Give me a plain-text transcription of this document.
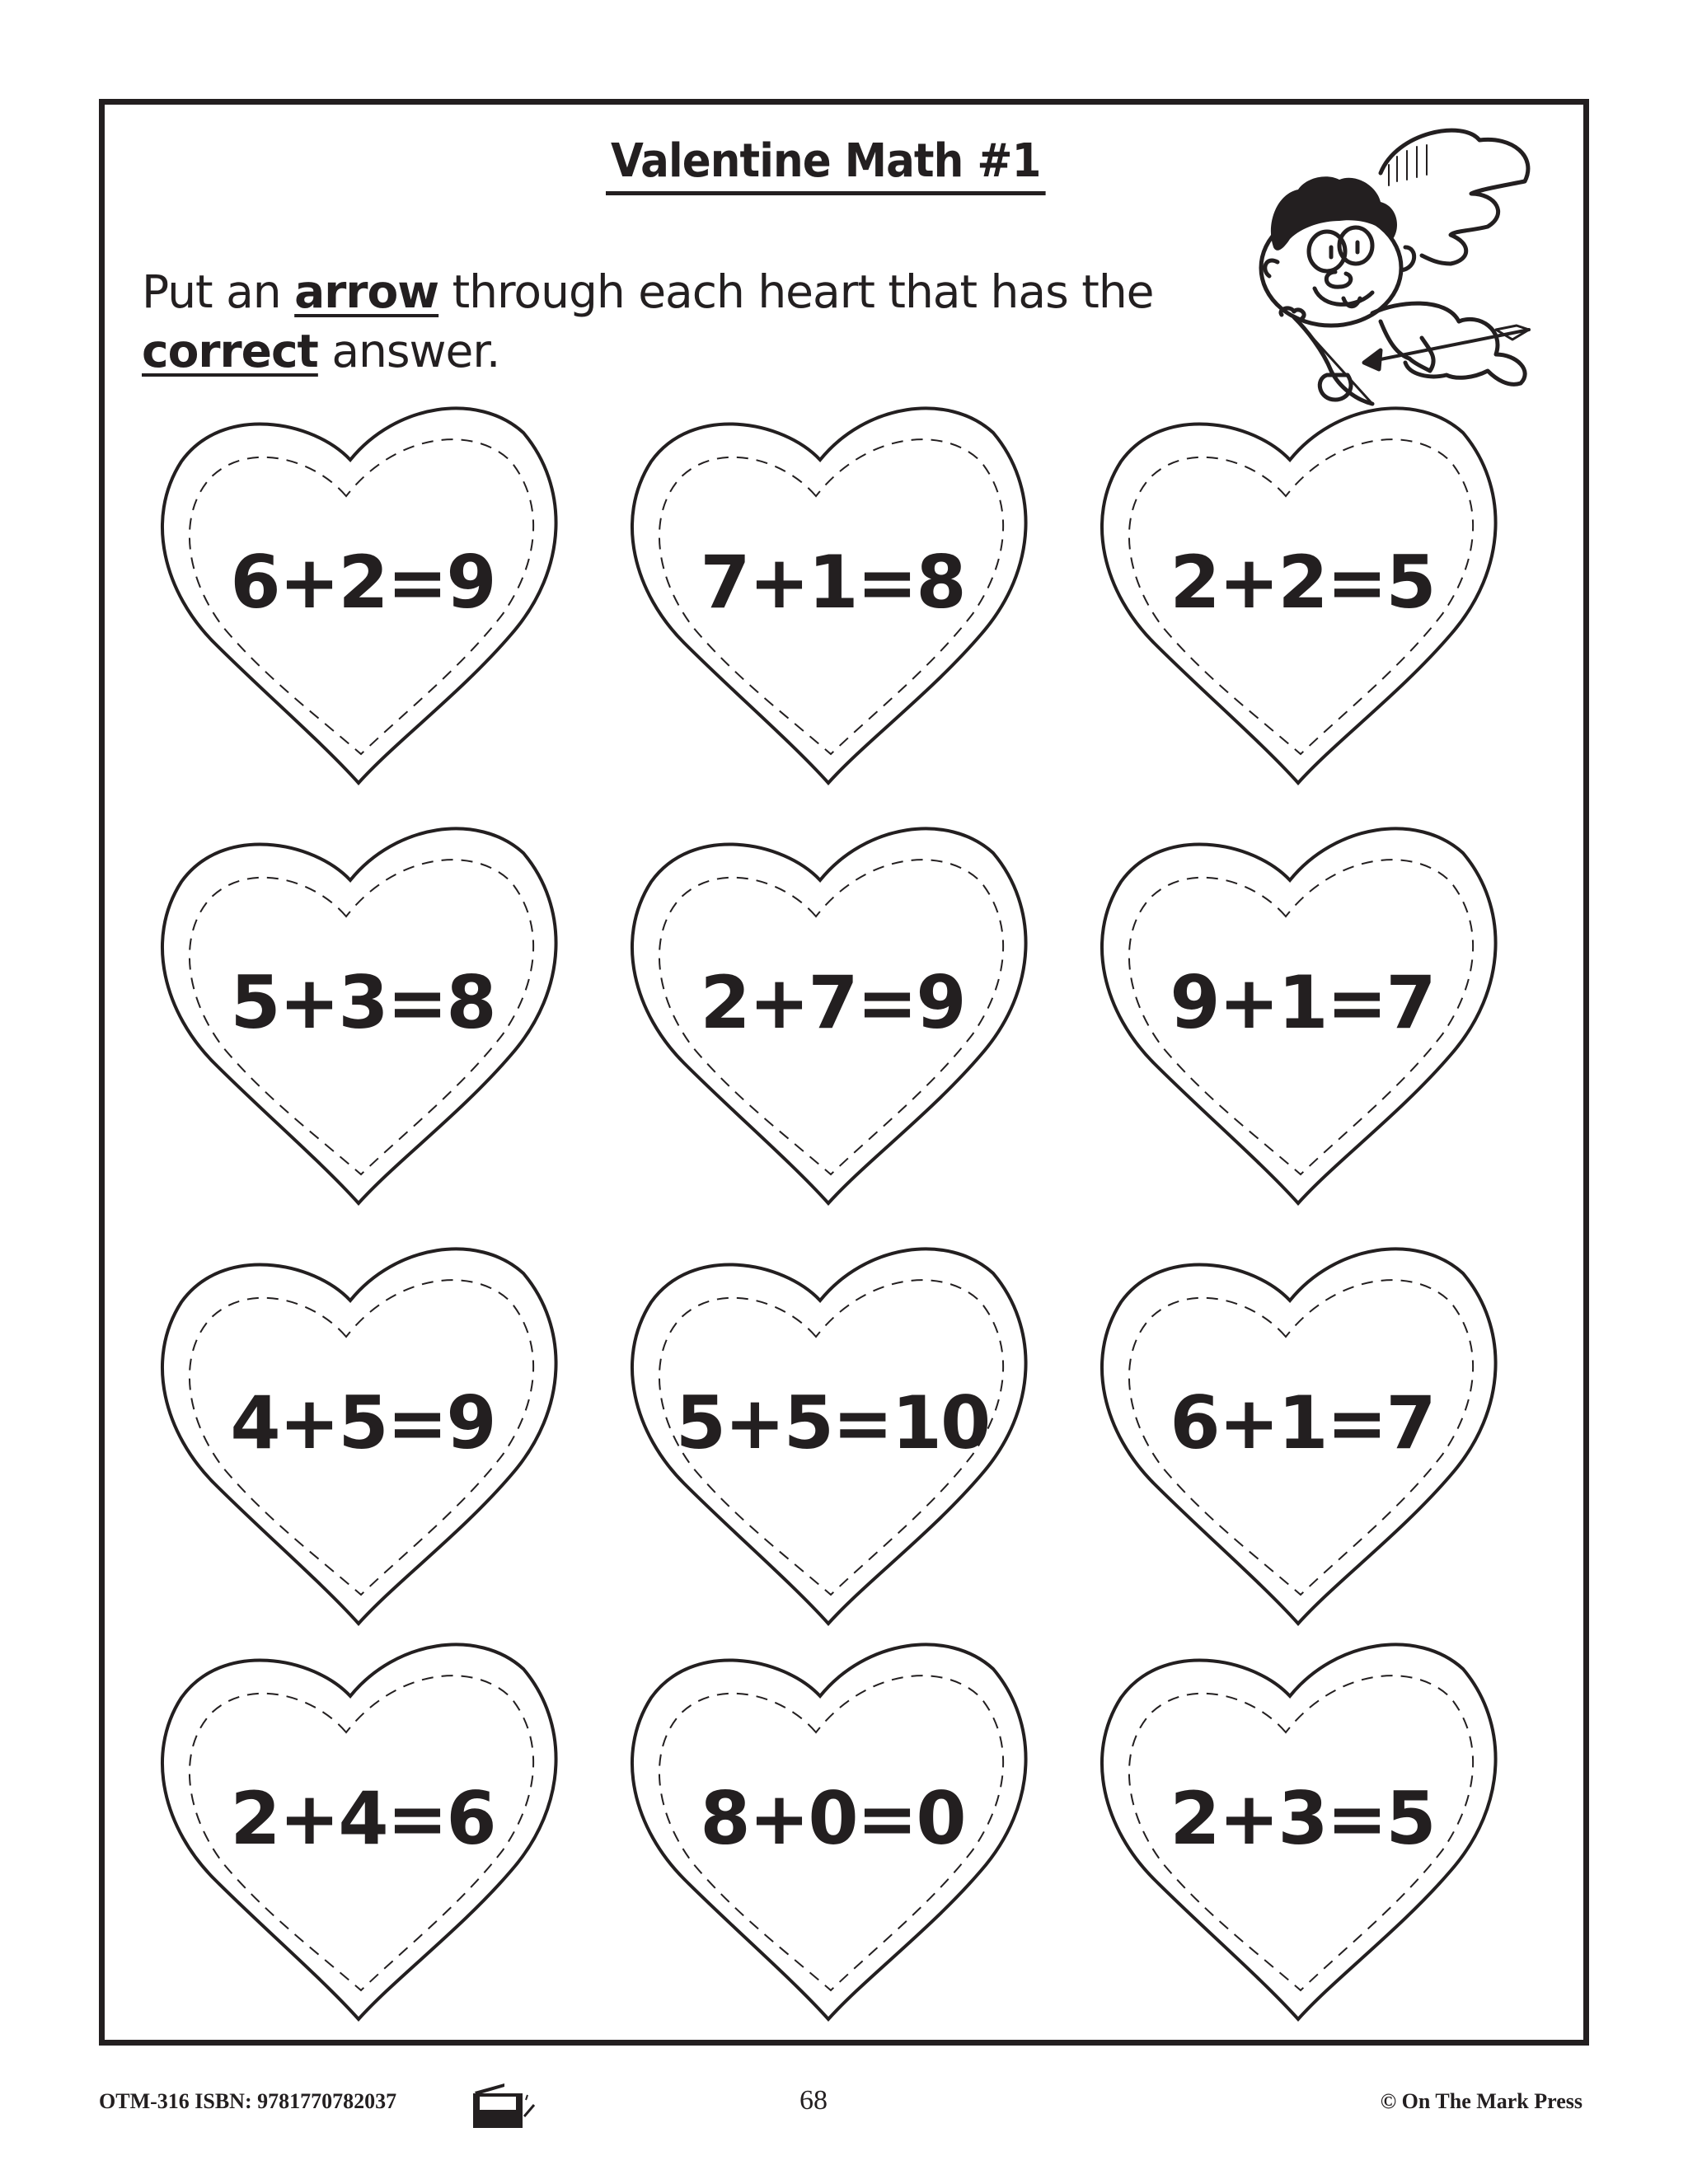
Valentine Math #1
Put an arrow through each heart that has the correct answer.
6+2=9	7+1=8	2+2=5
5+3=8	2+7=9	9+1=7
4+5=9	5+5=10	6+1=7
2+4=6	8+0=0	2+3=5
OTM-316 ISBN: 9781770782037	68	© On The Mark Press
